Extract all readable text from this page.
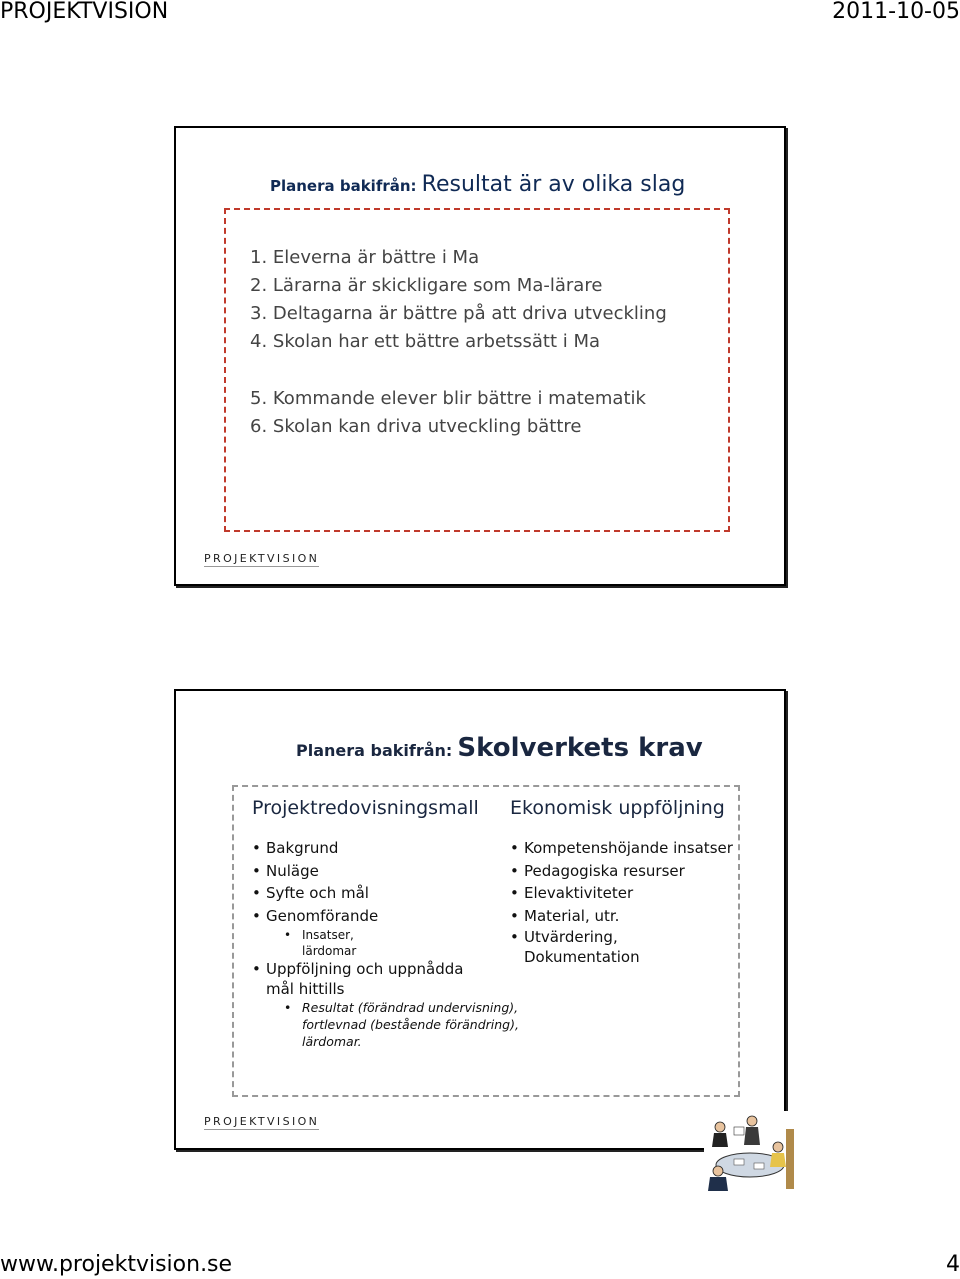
PROJEKTVISION	2011-10-05
Planera bakifrån: Resultat är av olika slag
1. Eleverna är bättre i Ma
2. Lärarna är skickligare som Ma-lärare
3. Deltagarna är bättre på att driva utveckling
4. Skolan har ett bättre arbetssätt i Ma
5. Kommande elever blir bättre i matematik
6. Skolan kan driva utveckling bättre
PROJEKTVISION
Planera bakifrån: Skolverkets krav
Projektredovisningsmall Ekonomisk uppföljning
• Bakgrund
• Nuläge
• Syfte och mål
• Genomförande
• Insatser, lärdomar
• Uppföljning och uppnådda mål hittills
• Resultat (förändrad undervisning), fortlevnad (bestående förändring), lärdomar.
• Kompetenshöjande insatser
• Pedagogiska resurser
• Elevaktiviteter
• Material, utr.
• Utvärdering, Dokumentation
PROJEKTVISION
www.projektvision.se	4
